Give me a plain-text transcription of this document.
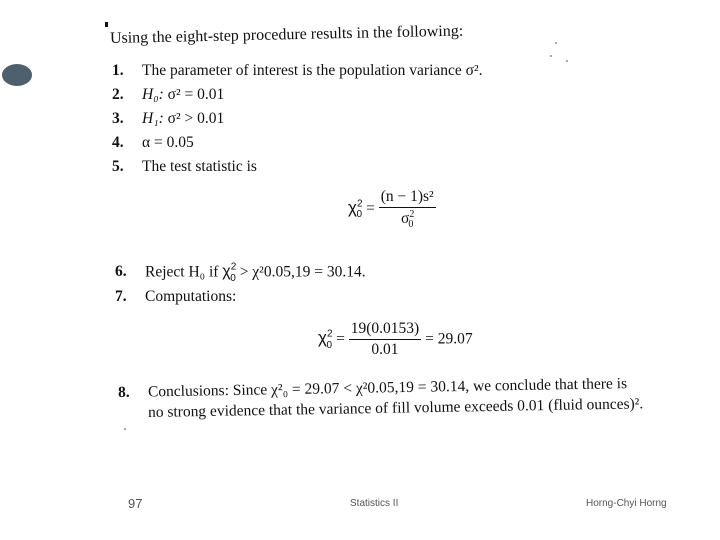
Using the eight-step procedure results in the following:
1. The parameter of interest is the population variance σ².
2. H₀: σ² = 0.01
3. H₁: σ² > 0.01
4. α = 0.05
5. The test statistic is
$\chi^2_0 = \frac{\text{(n − 1)s²}}{\sigma^2_0}$
6. Reject H₀ if $\chi^2_0 > \chi^20.05,19 = 30.14$.
7. Computations:
$\chi^2_0 = \frac{19(0.0153)}{0.01} = 29.07$
8. Conclusions: Since χ²₀ = 29.07 < χ²0.05,19 = 30.14, we conclude that there is
no strong evidence that the variance of fill volume exceeds 0.01 (fluid ounces)².
97	Statistics II	Horng-Chyi Horng
